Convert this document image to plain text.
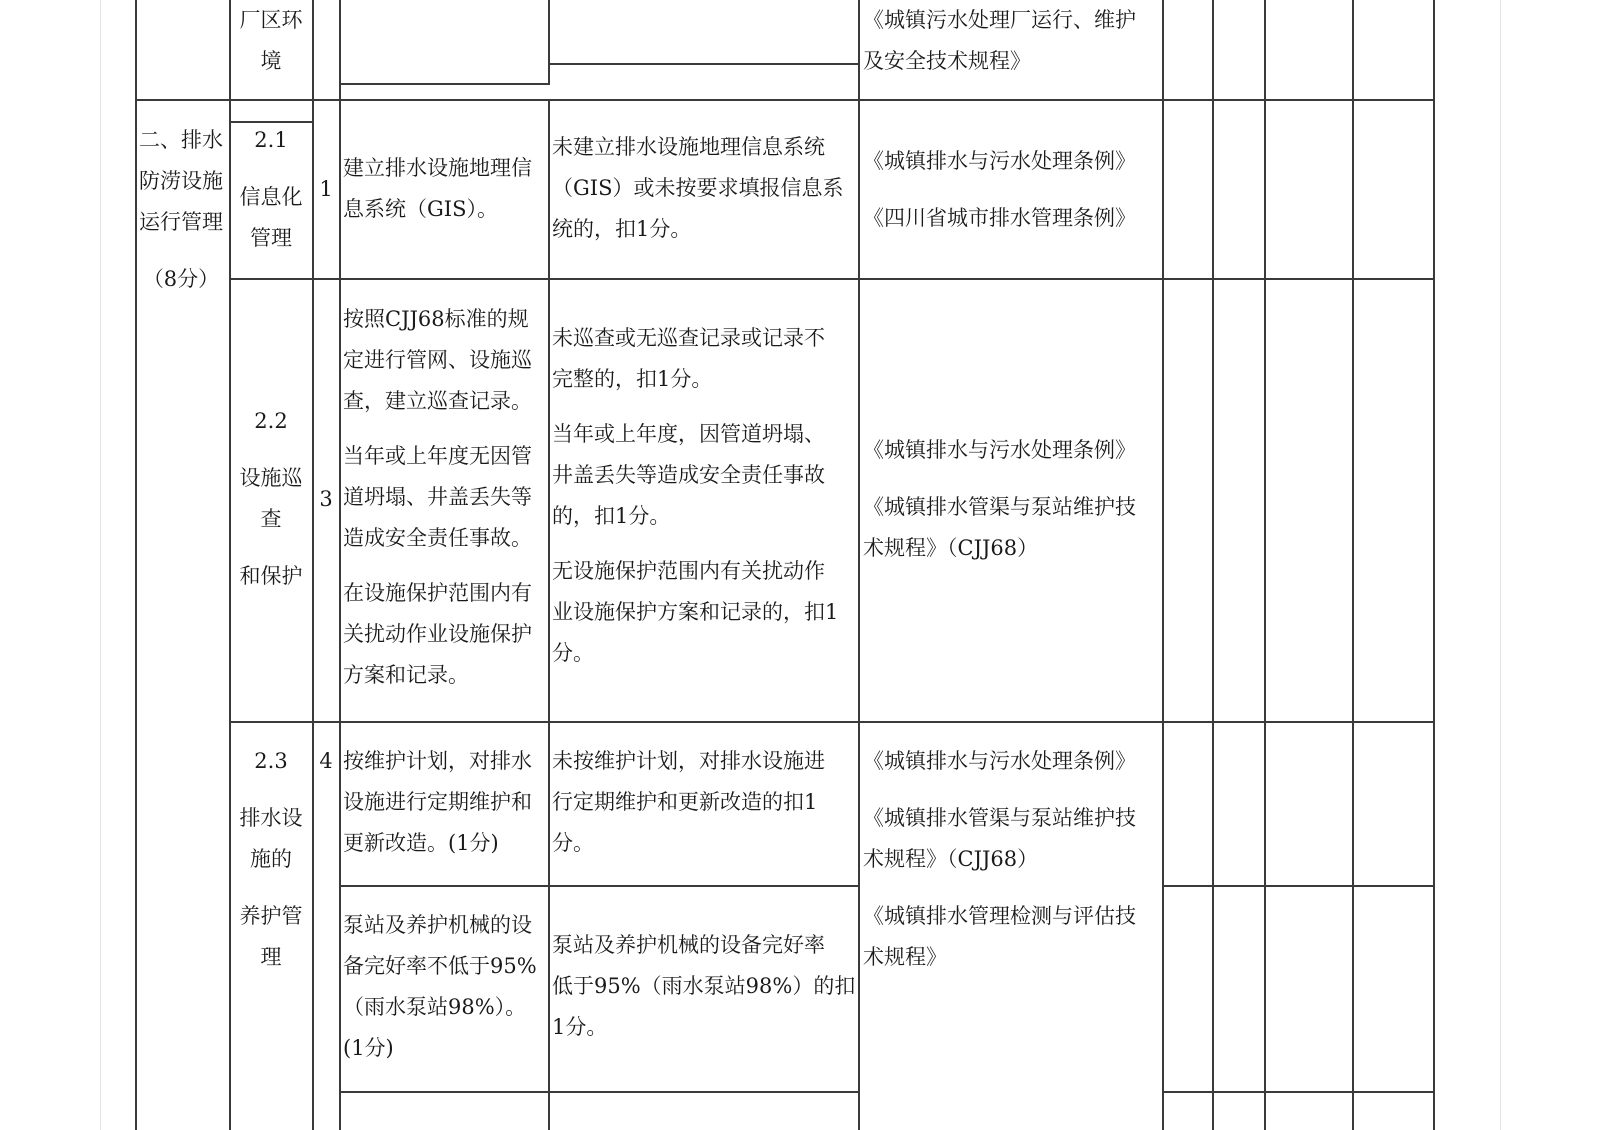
厂区环

境

《城镇污水处理厂运行、维护

及安全技术规程》

二、排水

防涝设施

运行管理

（8分）

2.1

信息化

管理

1

建立排水设施地理信

息系统（GIS）。

未建立排水设施地理信息系统

（GIS）或未按要求填报信息系

统的，扣1分。

《城镇排水与污水处理条例》

《四川省城市排水管理条例》

2.2

设施巡

查

和保护

3

按照CJJ68标准的规

定进行管网、设施巡

查，建立巡查记录。

当年或上年度无因管

道坍塌、井盖丢失等

造成安全责任事故。

在设施保护范围内有

关扰动作业设施保护

方案和记录。

未巡查或无巡查记录或记录不

完整的，扣1分。

当年或上年度，因管道坍塌、

井盖丢失等造成安全责任事故

的，扣1分。

无设施保护范围内有关扰动作

业设施保护方案和记录的，扣1

分。

《城镇排水与污水处理条例》

《城镇排水管渠与泵站维护技

术规程》（CJJ68）

2.3

排水设

施的

养护管

理

4 按维护计划，对排水

设施进行定期维护和

更新改造。(1分)

未按维护计划，对排水设施进

行定期维护和更新改造的扣1

分。

泵站及养护机械的设

备完好率不低于95%

（雨水泵站98%）。

(1分)

泵站及养护机械的设备完好率

低于95%（雨水泵站98%）的扣

1分。

《城镇排水与污水处理条例》

《城镇排水管渠与泵站维护技

术规程》（CJJ68）

《城镇排水管理检测与评估技

术规程》
